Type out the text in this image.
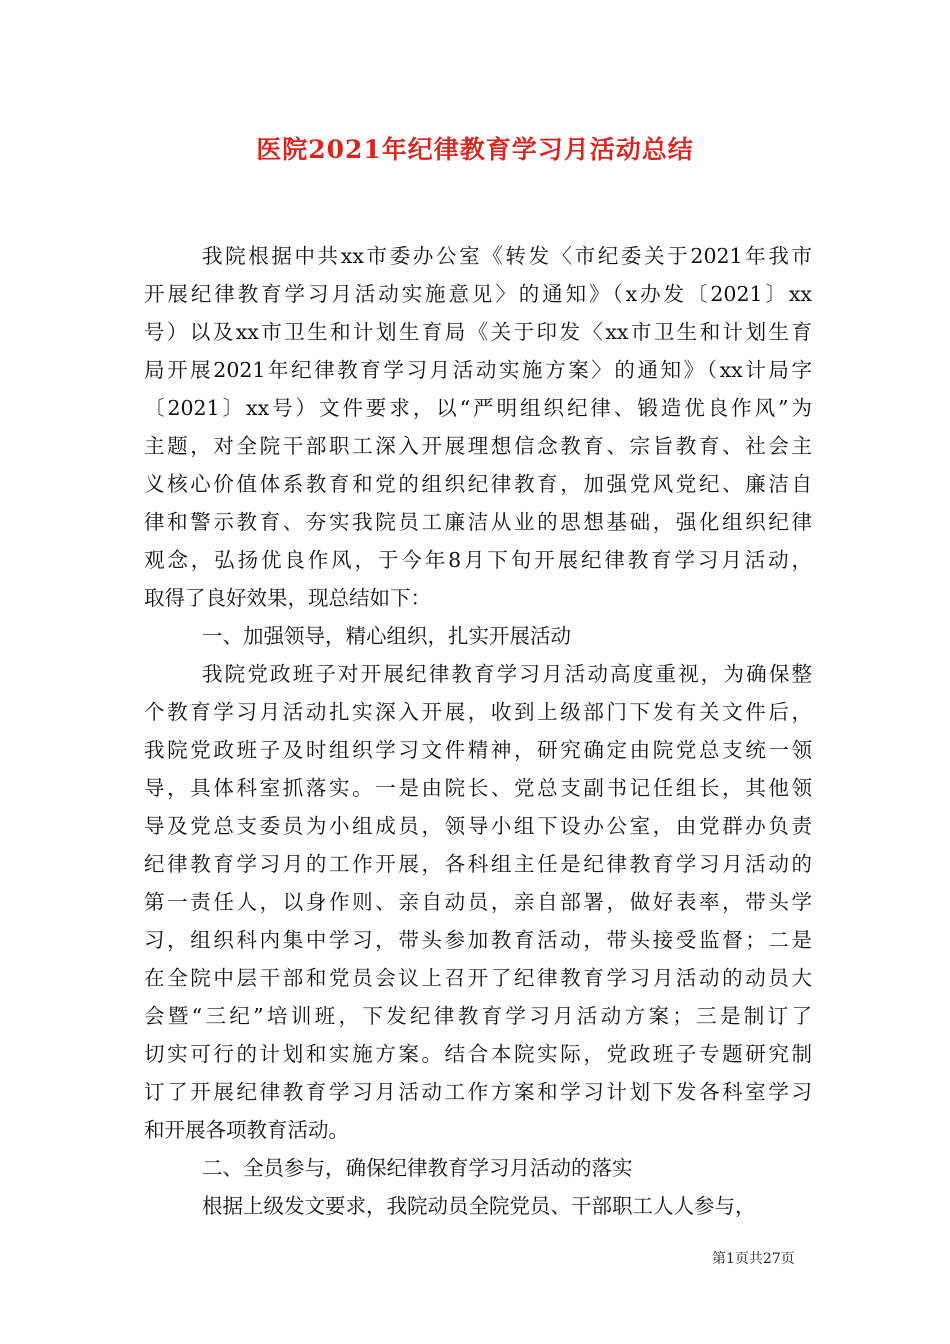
医院2021年纪律教育学习月活动总结
我院根据中共xx市委办公室《转发〈市纪委关于2021年我市
开展纪律教育学习月活动实施意见〉的通知》（x办发〔2021〕xx
号）以及xx市卫生和计划生育局《关于印发〈xx市卫生和计划生育
局开展2021年纪律教育学习月活动实施方案〉的通知》（xx计局字
〔2021〕xx号）文件要求，以“严明组织纪律、锻造优良作风”为
主题，对全院干部职工深入开展理想信念教育、宗旨教育、社会主
义核心价值体系教育和党的组织纪律教育，加强党风党纪、廉洁自
律和警示教育、夯实我院员工廉洁从业的思想基础，强化组织纪律
观念，弘扬优良作风，于今年8月下旬开展纪律教育学习月活动，
取得了良好效果，现总结如下：
一、加强领导，精心组织，扎实开展活动
我院党政班子对开展纪律教育学习月活动高度重视，为确保整
个教育学习月活动扎实深入开展，收到上级部门下发有关文件后，
我院党政班子及时组织学习文件精神，研究确定由院党总支统一领
导，具体科室抓落实。一是由院长、党总支副书记任组长，其他领
导及党总支委员为小组成员，领导小组下设办公室，由党群办负责
纪律教育学习月的工作开展，各科组主任是纪律教育学习月活动的
第一责任人，以身作则、亲自动员，亲自部署，做好表率，带头学
习，组织科内集中学习，带头参加教育活动，带头接受监督；二是
在全院中层干部和党员会议上召开了纪律教育学习月活动的动员大
会暨“三纪”培训班，下发纪律教育学习月活动方案；三是制订了
切实可行的计划和实施方案。结合本院实际，党政班子专题研究制
订了开展纪律教育学习月活动工作方案和学习计划下发各科室学习
和开展各项教育活动。
二、全员参与，确保纪律教育学习月活动的落实
根据上级发文要求，我院动员全院党员、干部职工人人参与，
第1页共27页
